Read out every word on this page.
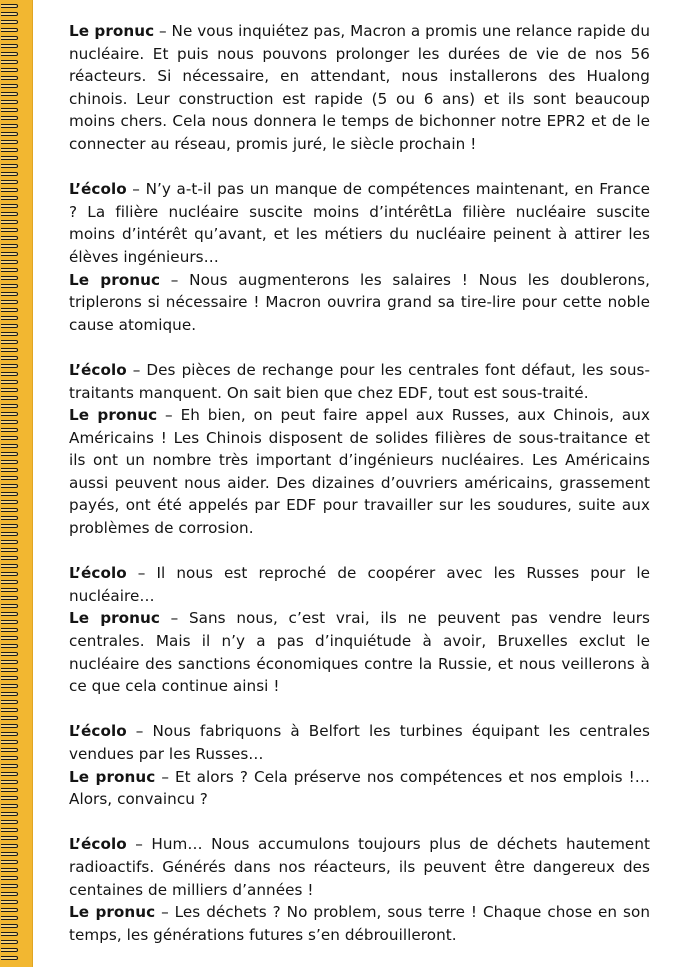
Le pronuc – Ne vous inquiétez pas, Macron a promis une relance rapide du nucléaire. Et puis nous pouvons prolonger les durées de vie de nos 56 réacteurs. Si nécessaire, en attendant, nous installerons des Hualong chinois. Leur construction est rapide (5 ou 6 ans) et ils sont beaucoup moins chers. Cela nous donnera le temps de bichonner notre EPR2 et de le connecter au réseau, promis juré, le siècle prochain !

L’écolo – N’y a-t-il pas un manque de compétences maintenant, en France ? La filière nucléaire suscite moins d’intérêtLa filière nucléaire suscite moins d’intérêt qu’avant, et les métiers du nucléaire peinent à attirer les élèves ingénieurs…

Le pronuc – Nous augmenterons les salaires ! Nous les doublerons, triplerons si nécessaire ! Macron ouvrira grand sa tire-lire pour cette noble cause atomique.

L’écolo – Des pièces de rechange pour les centrales font défaut, les sous-traitants manquent. On sait bien que chez EDF, tout est sous-traité.

Le pronuc – Eh bien, on peut faire appel aux Russes, aux Chinois, aux Américains ! Les Chinois disposent de solides filières de sous-traitance et ils ont un nombre très important d’ingénieurs nucléaires. Les Américains aussi peuvent nous aider. Des dizaines d’ouvriers américains, grassement payés, ont été appelés par EDF pour travailler sur les soudures, suite aux problèmes de corrosion.

L’écolo – Il nous est reproché de coopérer avec les Russes pour le nucléaire…

Le pronuc – Sans nous, c’est vrai, ils ne peuvent pas vendre leurs centrales. Mais il n’y a pas d’inquiétude à avoir, Bruxelles exclut le nucléaire des sanctions économiques contre la Russie, et nous veillerons à ce que cela continue ainsi !

L’écolo – Nous fabriquons à Belfort les turbines équipant les centrales vendues par les Russes…

Le pronuc – Et alors ? Cela préserve nos compétences et nos emplois !… Alors, convaincu ?

L’écolo – Hum… Nous accumulons toujours plus de déchets hautement radioactifs. Générés dans nos réacteurs, ils peuvent être dangereux des centaines de milliers d’années !

Le pronuc – Les déchets ? No problem, sous terre ! Chaque chose en son temps, les générations futures s’en débrouilleront.
